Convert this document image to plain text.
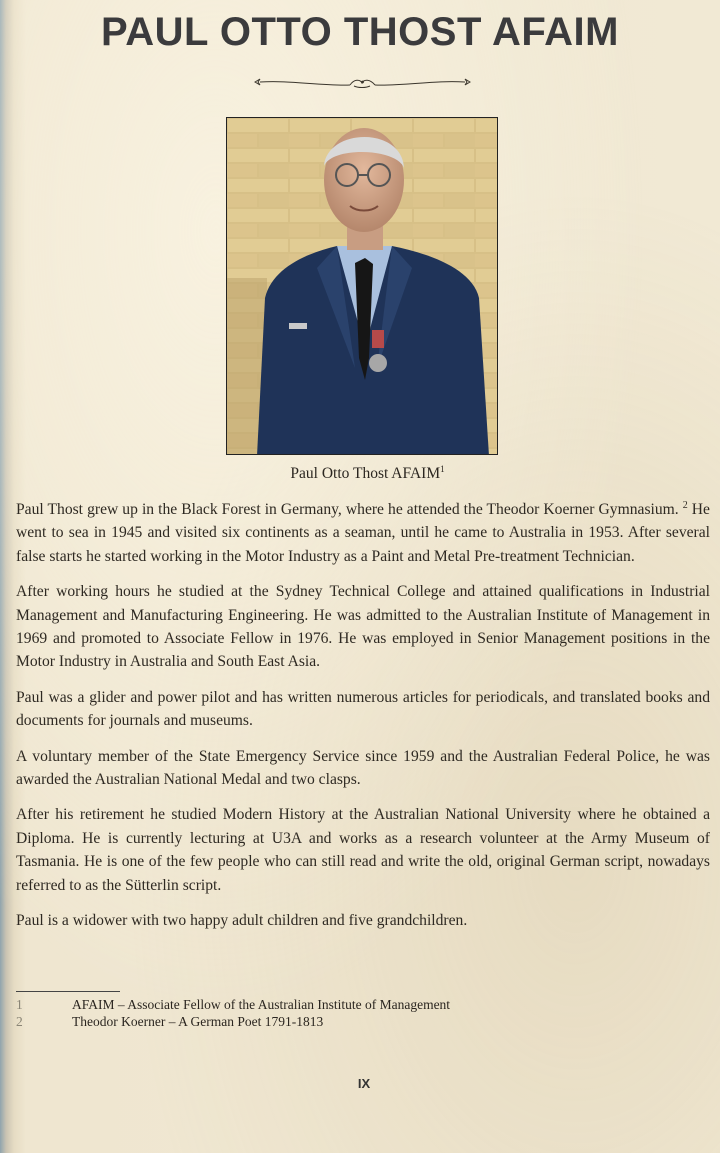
PAUL OTTO THOST AFAIM
Paul Otto Thost AFAIM$^1$

Paul Thost grew up in the Black Forest in Germany, where he attended the Theodor Koerner Gymnasium. $^2$ He went to sea in 1945 and visited six continents as a seaman, until he came to Australia in 1953. After several false starts he started working in the Motor Industry as a Paint and Metal Pre-treatment Technician.

After working hours he studied at the Sydney Technical College and attained qualifications in Industrial Management and Manufacturing Engineering. He was admitted to the Australian Institute of Management in 1969 and promoted to Associate Fellow in 1976. He was employed in Senior Management positions in the Motor Industry in Australia and South East Asia.

Paul was a glider and power pilot and has written numerous articles for periodicals, and translated books and documents for journals and museums.

A voluntary member of the State Emergency Service since 1959 and the Australian Federal Police, he was awarded the Australian National Medal and two clasps.

After his retirement he studied Modern History at the Australian National University where he obtained a Diploma. He is currently lecturing at U3A and works as a research volunteer at the Army Museum of Tasmania. He is one of the few people who can still read and write the old, original German script, nowadays referred to as the Sütterlin script.

Paul is a widower with two happy adult children and five grandchildren.

1	AFAIM – Associate Fellow of the Australian Institute of Management
2	Theodor Koerner – A German Poet 1791-1813
IX
